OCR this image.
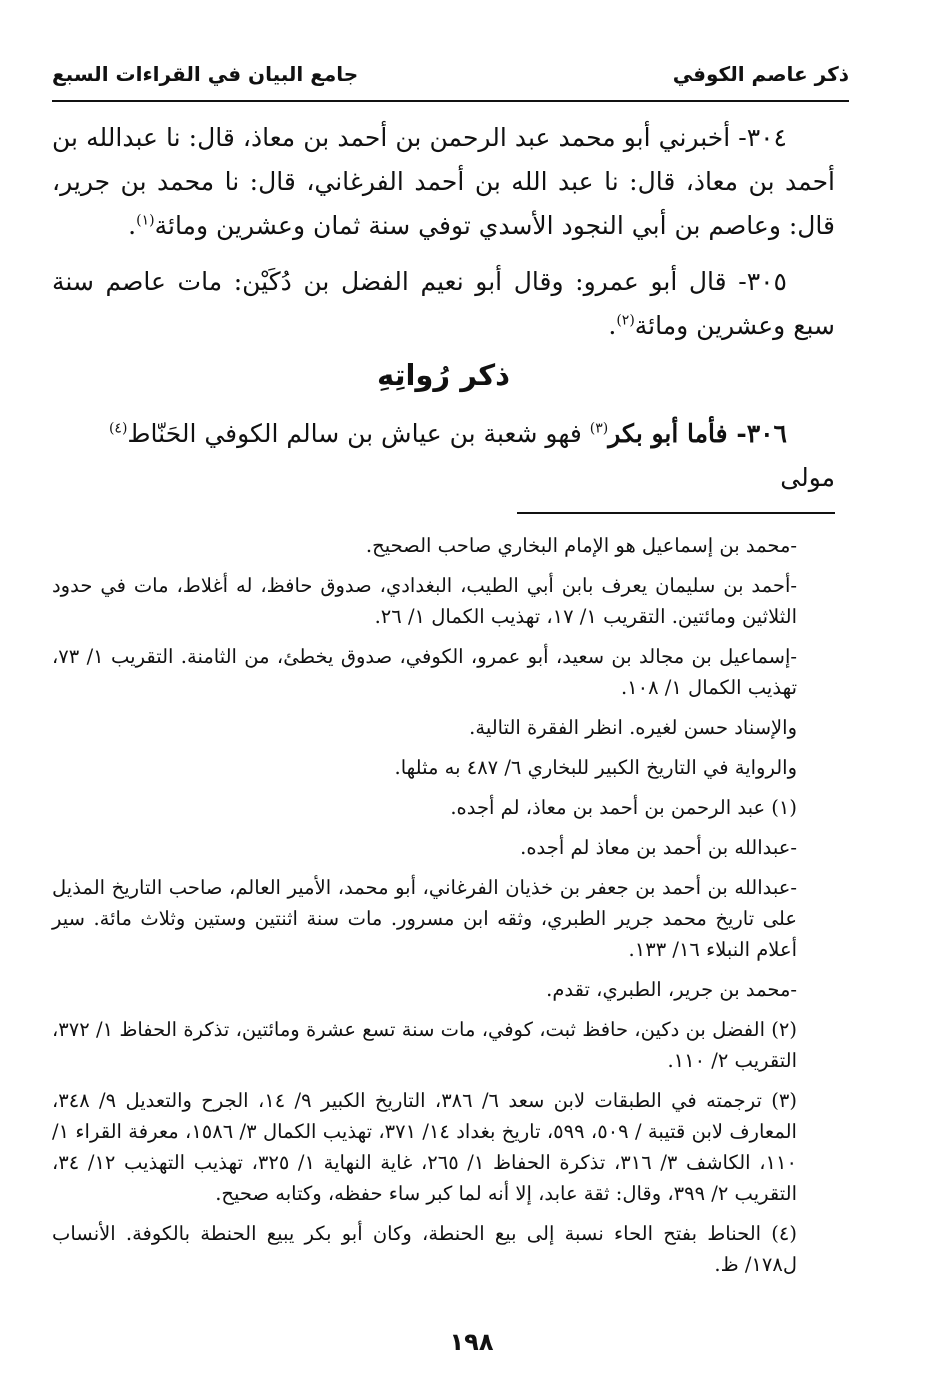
ذكر عاصم الكوفي
جامع البيان في القراءات السبع

٣٠٤- أخبرني أبو محمد عبد الرحمن بن أحمد بن معاذ، قال: نا عبدالله بن أحمد بن معاذ، قال: نا عبد الله بن أحمد الفرغاني، قال: نا محمد بن جرير، قال: وعاصم بن أبي النجود الأسدي توفي سنة ثمان وعشرين ومائة$^{(١)}$.

٣٠٥- قال أبو عمرو: وقال أبو نعيم الفضل بن دُكَيْن: مات عاصم سنة سبع وعشرين ومائة$^{(٢)}$.

ذكر رُواتِهِ
٣٠٦- فأما أبو بكر$^{(٣)}$ فهو شعبة بن عياش بن سالم الكوفي الحَنّاط$^{(٤)}$ مولى

-محمد بن إسماعيل هو الإمام البخاري صاحب الصحيح.

-أحمد بن سليمان يعرف بابن أبي الطيب، البغدادي، صدوق حافظ، له أغلاط، مات في حدود الثلاثين ومائتين. التقريب ١/ ١٧، تهذيب الكمال ١/ ٢٦.

-إسماعيل بن مجالد بن سعيد، أبو عمرو، الكوفي، صدوق يخطئ، من الثامنة. التقريب ١/ ٧٣، تهذيب الكمال ١/ ١٠٨.

والإسناد حسن لغيره. انظر الفقرة التالية.

والرواية في التاريخ الكبير للبخاري ٦/ ٤٨٧ به مثلها.

(١) عبد الرحمن بن أحمد بن معاذ، لم أجده.

-عبدالله بن أحمد بن معاذ لم أجده.

-عبدالله بن أحمد بن جعفر بن خذيان الفرغاني، أبو محمد، الأمير العالم، صاحب التاريخ المذيل على تاريخ محمد جرير الطبري، وثقه ابن مسرور. مات سنة اثنتين وستين وثلاث مائة. سير أعلام النبلاء ١٦/ ١٣٣.

-محمد بن جرير، الطبري، تقدم.

(٢) الفضل بن دكين، حافظ ثبت، كوفي، مات سنة تسع عشرة ومائتين، تذكرة الحفاظ ١/ ٣٧٢، التقريب ٢/ ١١٠.

(٣) ترجمته في الطبقات لابن سعد ٦/ ٣٨٦، التاريخ الكبير ٩/ ١٤، الجرح والتعديل ٩/ ٣٤٨، المعارف لابن قتيبة / ٥٠٩، ٥٩٩، تاريخ بغداد ١٤/ ٣٧١، تهذيب الكمال ٣/ ١٥٨٦، معرفة القراء ١/ ١١٠، الكاشف ٣/ ٣١٦، تذكرة الحفاظ ١/ ٢٦٥، غاية النهاية ١/ ٣٢٥، تهذيب التهذيب ١٢/ ٣٤، التقريب ٢/ ٣٩٩، وقال: ثقة عابد، إلا أنه لما كبر ساء حفظه، وكتابه صحيح.

(٤) الحناط بفتح الحاء نسبة إلى بيع الحنطة، وكان أبو بكر يبيع الحنطة بالكوفة. الأنساب ل١٧٨/ ظ.

١٩٨
